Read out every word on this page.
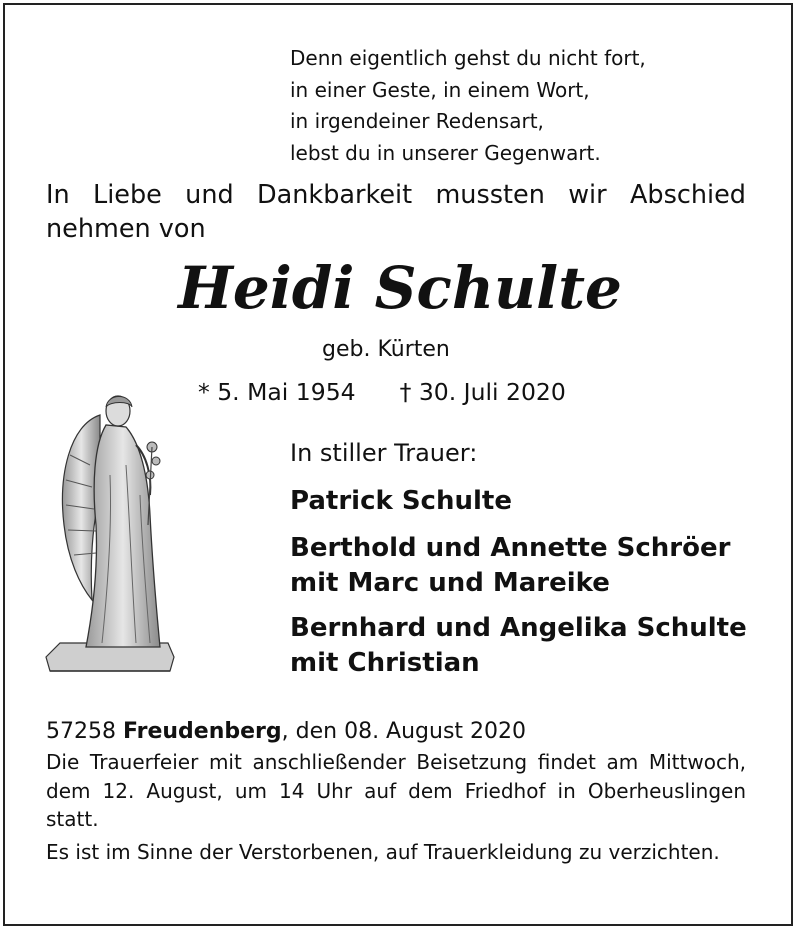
Denn eigentlich gehst du nicht fort,
in einer Geste, in einem Wort,
in irgendeiner Redensart,
lebst du in unserer Gegenwart.
In Liebe und Dankbarkeit mussten wir Abschied nehmen von
Heidi Schulte
geb. Kürten
* 5. Mai 1954 † 30. Juli 2020
In stiller Trauer:
Patrick Schulte
Berthold und Annette Schröer
mit Marc und Mareike
Bernhard und Angelika Schulte
mit Christian
57258 Freudenberg, den 08. August 2020
Die Trauerfeier mit anschließender Beisetzung findet am Mittwoch, dem 12. August, um 14 Uhr auf dem Friedhof in Oberheuslingen statt.
Es ist im Sinne der Verstorbenen, auf Trauerkleidung zu verzichten.
